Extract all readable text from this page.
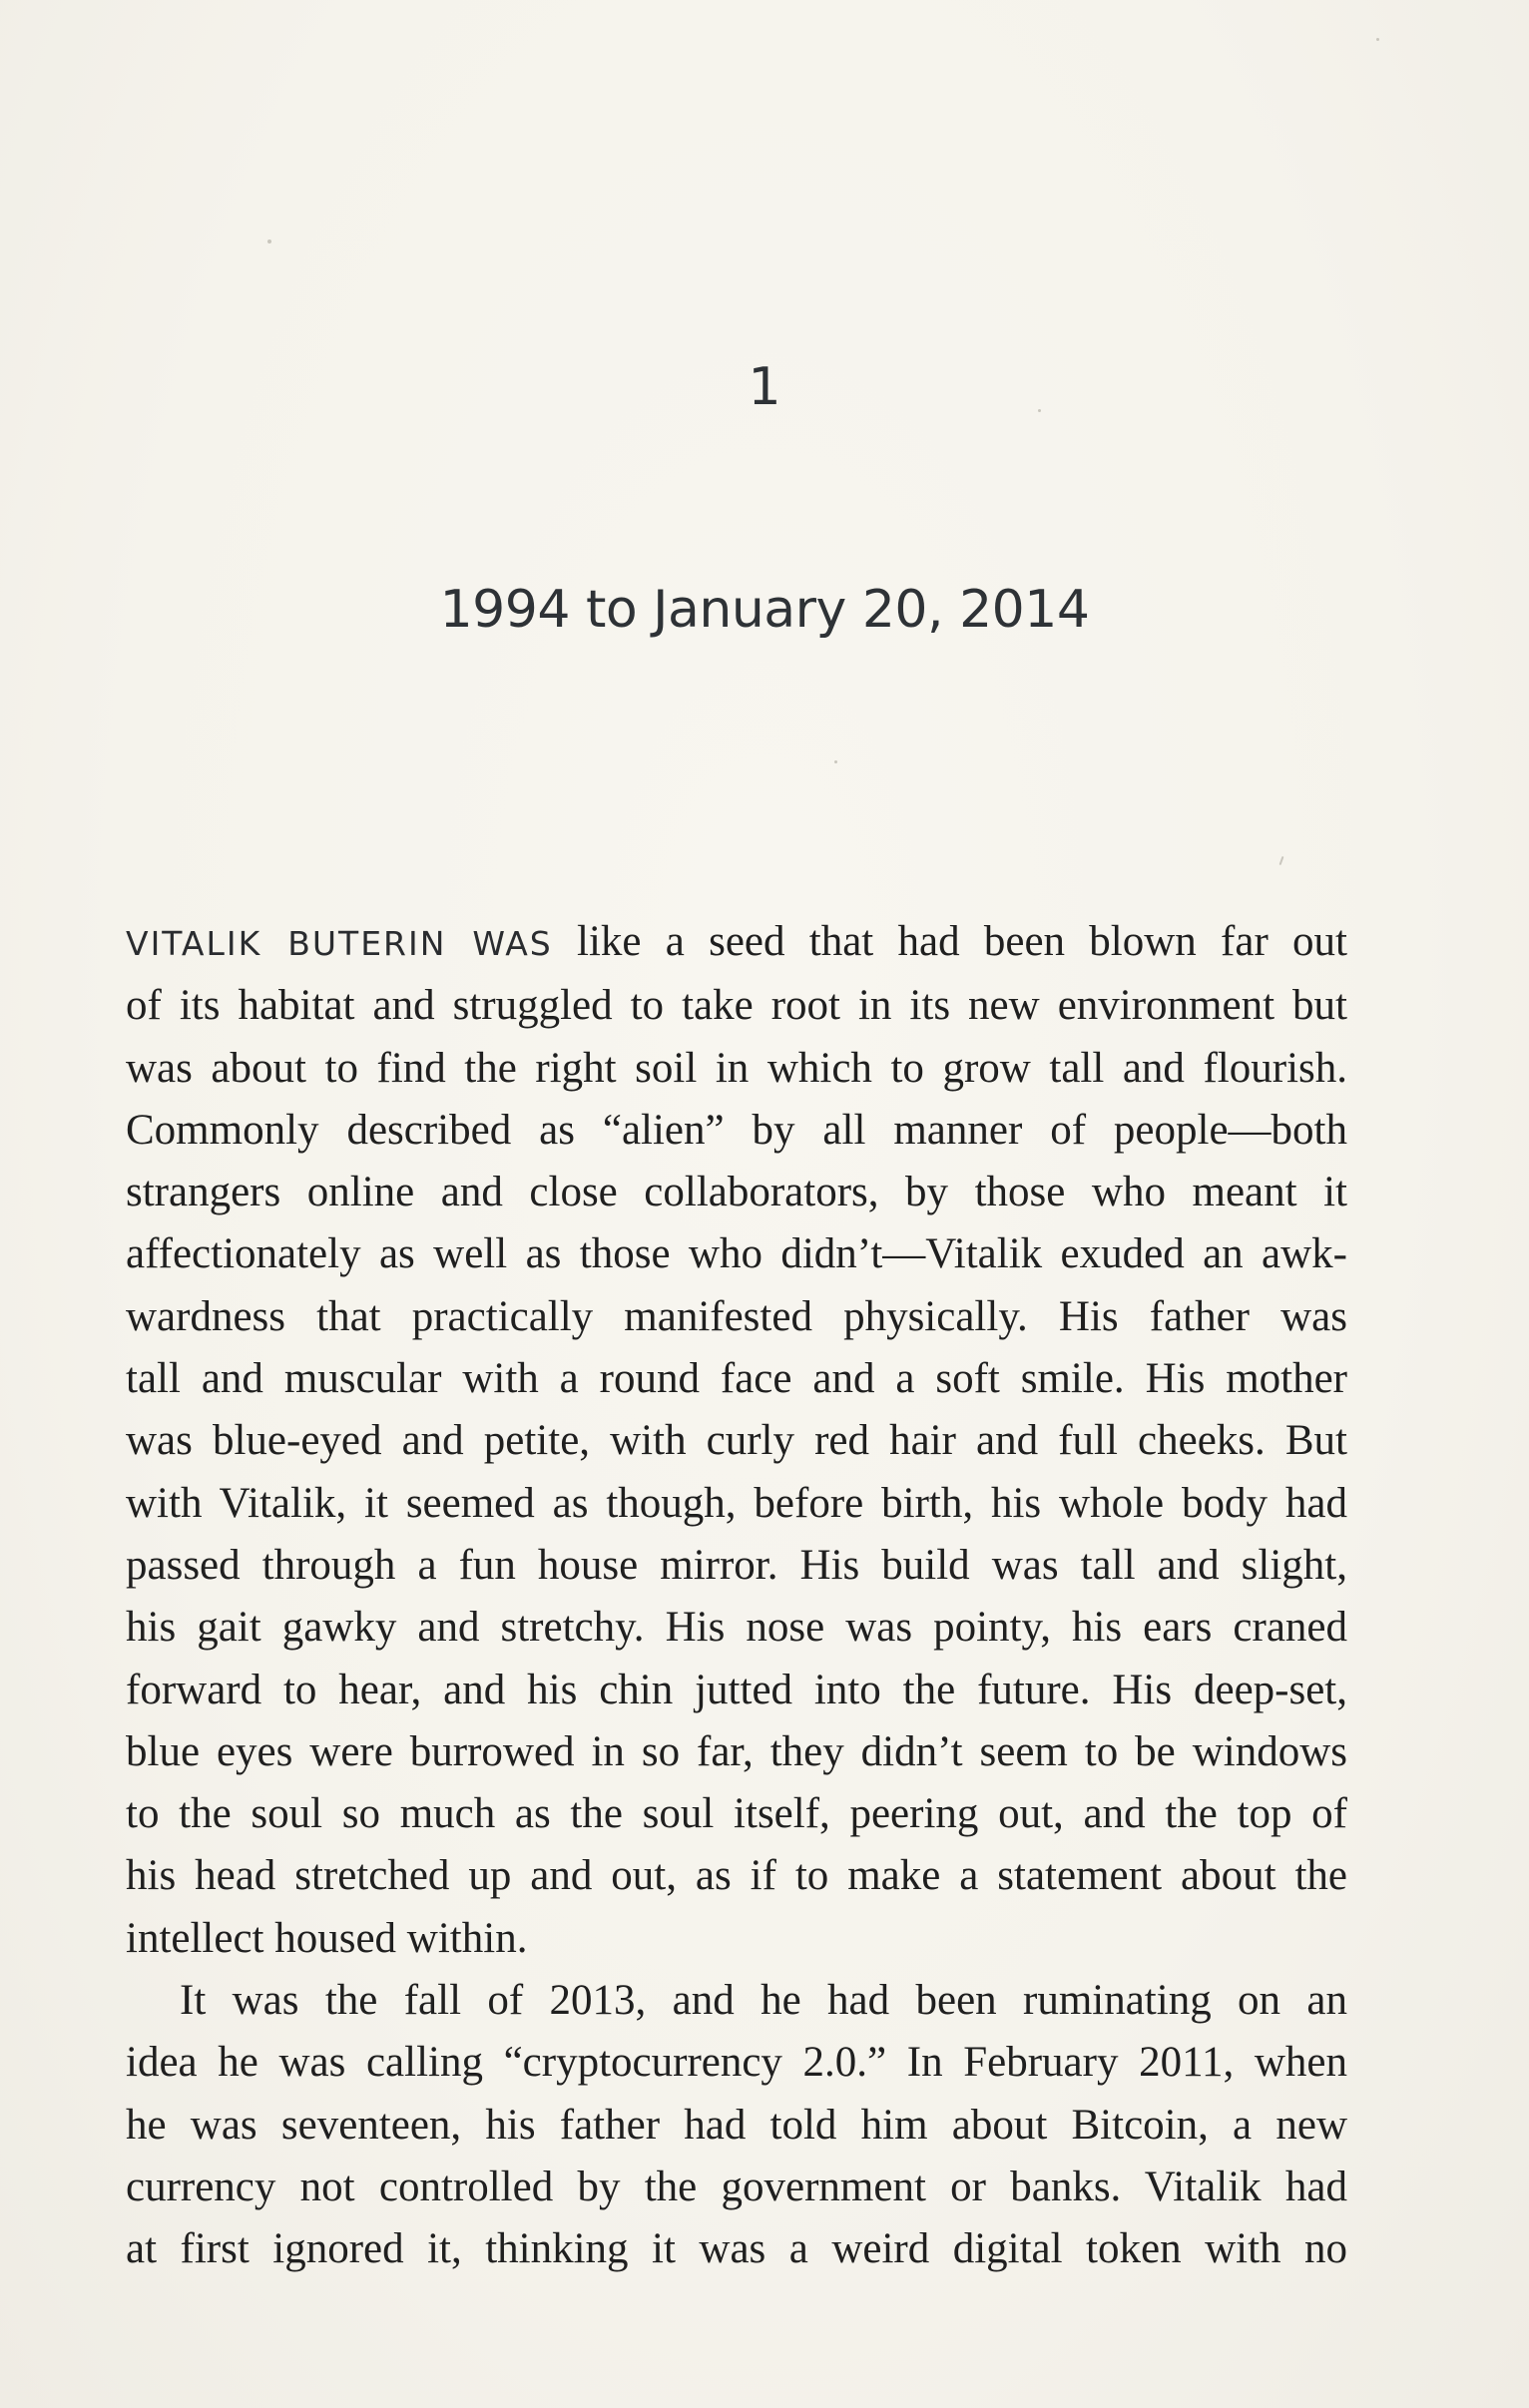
1
1994 to January 20, 2014
VITALIK BUTERIN WAS like a seed that had been blown far out
of its habitat and struggled to take root in its new environment but
was about to find the right soil in which to grow tall and flourish.
Commonly described as “alien” by all manner of people—both
strangers online and close collaborators, by those who meant it
affectionately as well as those who didn’t—Vitalik exuded an awk-
wardness that practically manifested physically. His father was
tall and muscular with a round face and a soft smile. His mother
was blue-eyed and petite, with curly red hair and full cheeks. But
with Vitalik, it seemed as though, before birth, his whole body had
passed through a fun house mirror. His build was tall and slight,
his gait gawky and stretchy. His nose was pointy, his ears craned
forward to hear, and his chin jutted into the future. His deep-set,
blue eyes were burrowed in so far, they didn’t seem to be windows
to the soul so much as the soul itself, peering out, and the top of
his head stretched up and out, as if to make a statement about the
intellect housed within.
It was the fall of 2013, and he had been ruminating on an
idea he was calling “cryptocurrency 2.0.” In February 2011, when
he was seventeen, his father had told him about Bitcoin, a new
currency not controlled by the government or banks. Vitalik had
at first ignored it, thinking it was a weird digital token with no
